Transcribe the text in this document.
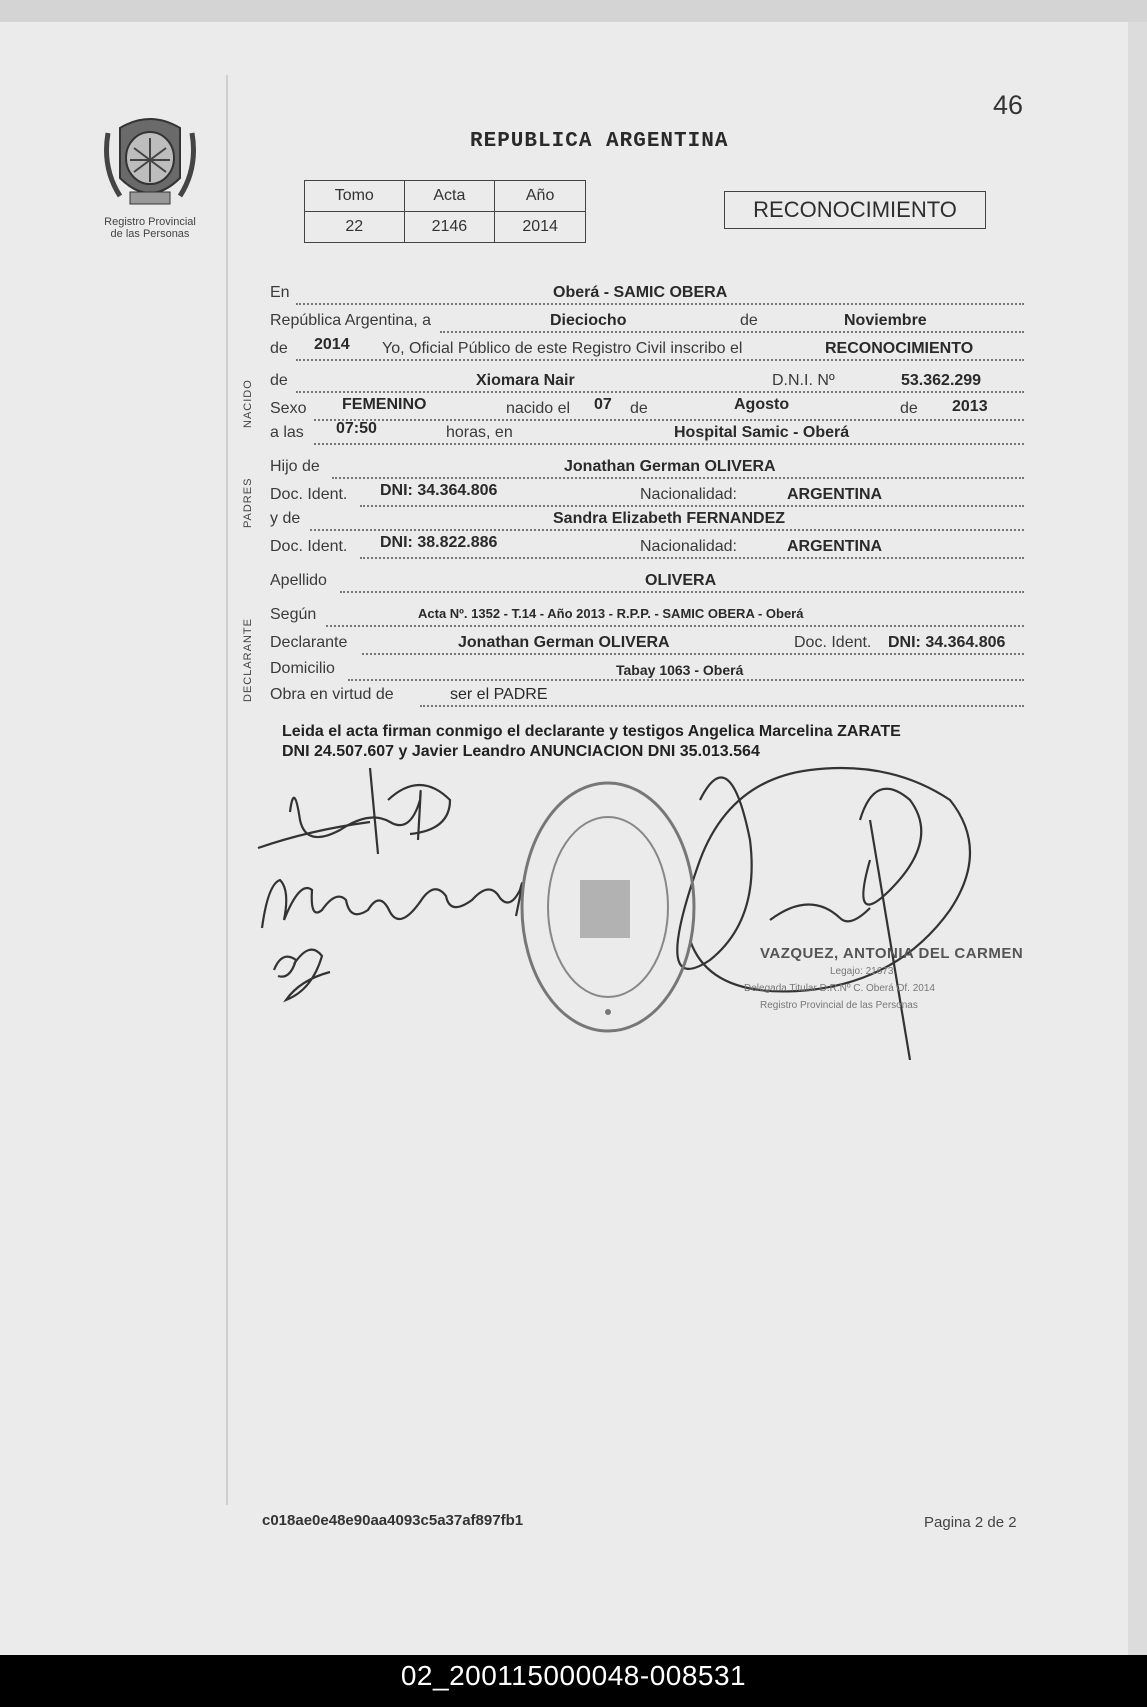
46
Registro Provincial
de las Personas
REPUBLICA ARGENTINA
Tomo	Acta	Año
22	2146	2014
RECONOCIMIENTO
NACIDO
PADRES
DECLARANTE
En	Oberá - SAMIC OBERA
República Argentina, a	Dieciocho	de	Noviembre
de 2014 Yo, Oficial Público de este Registro Civil inscribo el	RECONOCIMIENTO
de	Xiomara Nair	D.N.I. Nº	53.362.299
Sexo FEMENINO	nacido el 07 de	Agosto	de 2013
a las 07:50	horas, en	Hospital Samic - Oberá
Hijo de	Jonathan German OLIVERA
Doc. Ident. DNI: 34.364.806	Nacionalidad:	ARGENTINA
y de	Sandra Elizabeth FERNANDEZ
Doc. Ident. DNI: 38.822.886	Nacionalidad:	ARGENTINA
Apellido	OLIVERA
Según	Acta Nº. 1352 - T.14 - Año 2013 - R.P.P. - SAMIC OBERA - Oberá
Declarante	Jonathan German OLIVERA	Doc. Ident. DNI: 34.364.806
Domicilio	Tabay 1063 - Oberá
Obra en virtud de	ser el PADRE
Leida el acta firman conmigo el declarante y testigos Angelica Marcelina ZARATE
DNI 24.507.607 y Javier Leandro ANUNCIACION DNI 35.013.564
VAZQUEZ, ANTONIA DEL CARMEN
Legajo: 21673
Delegada Titular D.R.Nº C. Oberá Of. 2014
Registro Provincial de las Personas
c018ae0e48e90aa4093c5a37af897fb1	Pagina 2 de 2
02_200115000048-008531
